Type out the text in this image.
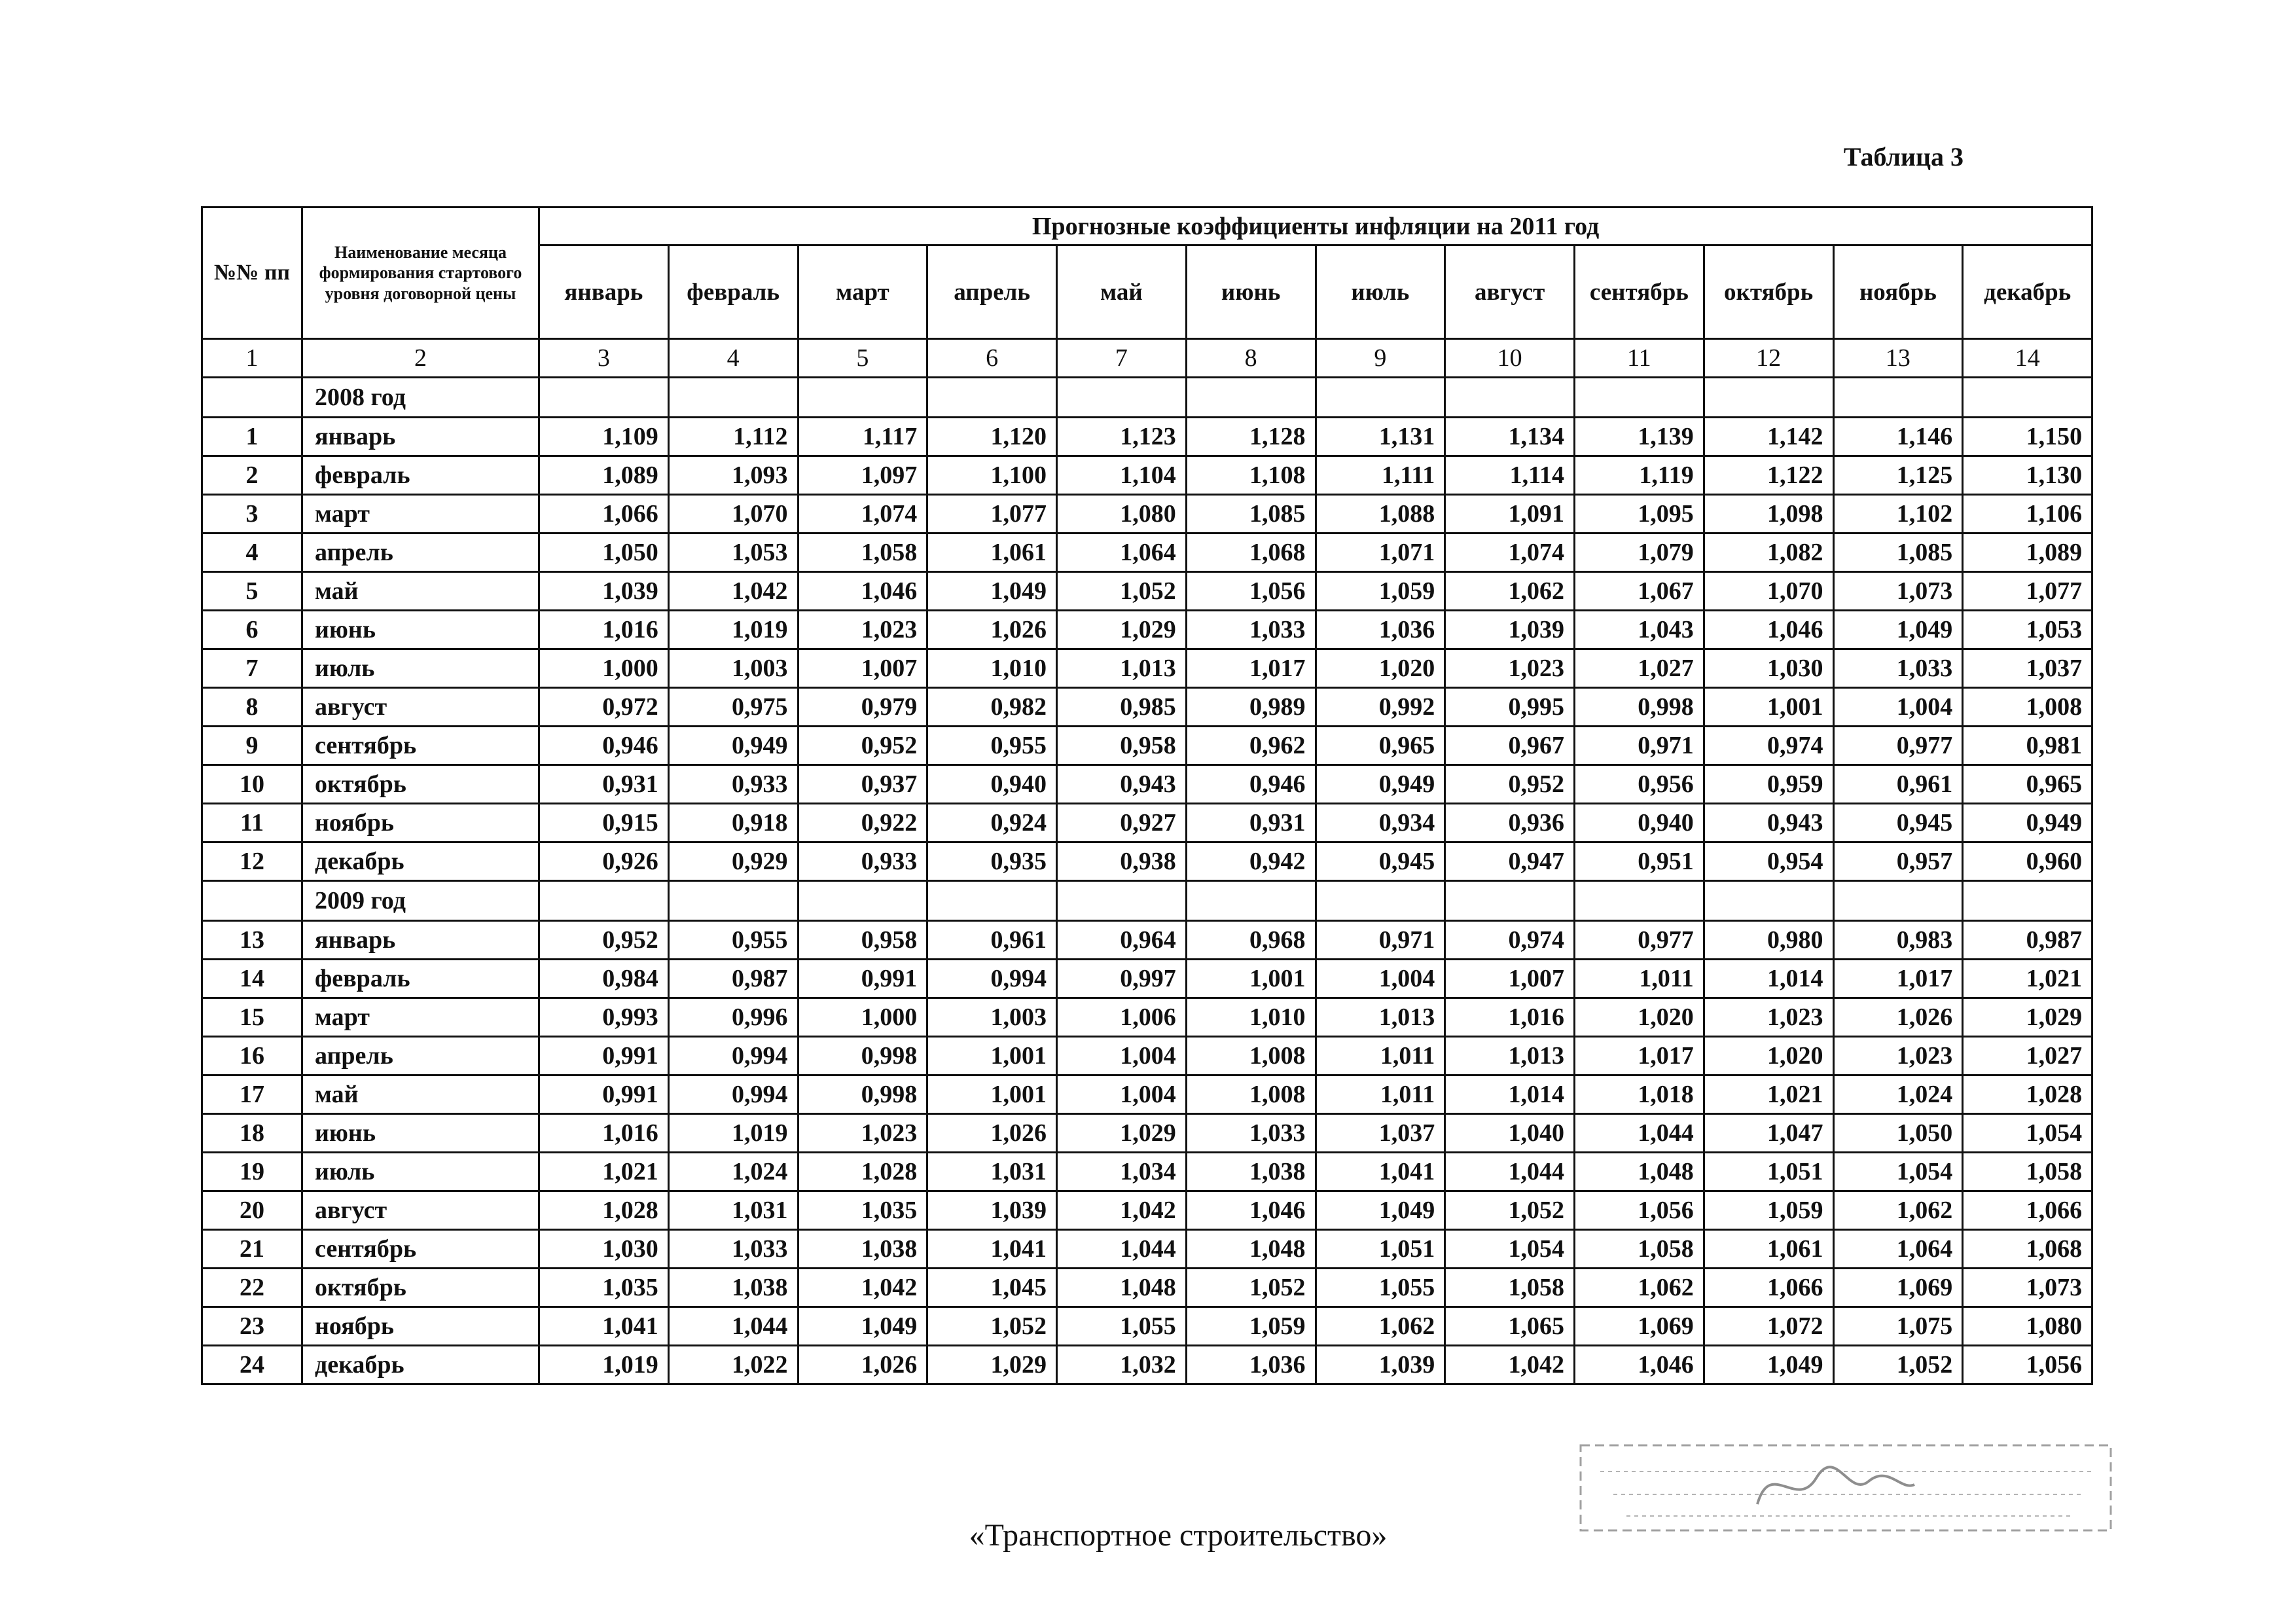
Таблица 3
№№ пп	Наименование месяца формирования стартового уровня договорной цены	Прогнозные коэффициенты инфляции на 2011 год											
		январь	февраль	март	апрель	май	июнь	июль	август	сентябрь	октябрь	ноябрь	декабрь
1	2	3	4	5	6	7	8	9	10	11	12	13	14
	2008 год												
1	январь	1,109	1,112	1,117	1,120	1,123	1,128	1,131	1,134	1,139	1,142	1,146	1,150
2	февраль	1,089	1,093	1,097	1,100	1,104	1,108	1,111	1,114	1,119	1,122	1,125	1,130
3	март	1,066	1,070	1,074	1,077	1,080	1,085	1,088	1,091	1,095	1,098	1,102	1,106
4	апрель	1,050	1,053	1,058	1,061	1,064	1,068	1,071	1,074	1,079	1,082	1,085	1,089
5	май	1,039	1,042	1,046	1,049	1,052	1,056	1,059	1,062	1,067	1,070	1,073	1,077
6	июнь	1,016	1,019	1,023	1,026	1,029	1,033	1,036	1,039	1,043	1,046	1,049	1,053
7	июль	1,000	1,003	1,007	1,010	1,013	1,017	1,020	1,023	1,027	1,030	1,033	1,037
8	август	0,972	0,975	0,979	0,982	0,985	0,989	0,992	0,995	0,998	1,001	1,004	1,008
9	сентябрь	0,946	0,949	0,952	0,955	0,958	0,962	0,965	0,967	0,971	0,974	0,977	0,981
10	октябрь	0,931	0,933	0,937	0,940	0,943	0,946	0,949	0,952	0,956	0,959	0,961	0,965
11	ноябрь	0,915	0,918	0,922	0,924	0,927	0,931	0,934	0,936	0,940	0,943	0,945	0,949
12	декабрь	0,926	0,929	0,933	0,935	0,938	0,942	0,945	0,947	0,951	0,954	0,957	0,960
	2009 год												
13	январь	0,952	0,955	0,958	0,961	0,964	0,968	0,971	0,974	0,977	0,980	0,983	0,987
14	февраль	0,984	0,987	0,991	0,994	0,997	1,001	1,004	1,007	1,011	1,014	1,017	1,021
15	март	0,993	0,996	1,000	1,003	1,006	1,010	1,013	1,016	1,020	1,023	1,026	1,029
16	апрель	0,991	0,994	0,998	1,001	1,004	1,008	1,011	1,013	1,017	1,020	1,023	1,027
17	май	0,991	0,994	0,998	1,001	1,004	1,008	1,011	1,014	1,018	1,021	1,024	1,028
18	июнь	1,016	1,019	1,023	1,026	1,029	1,033	1,037	1,040	1,044	1,047	1,050	1,054
19	июль	1,021	1,024	1,028	1,031	1,034	1,038	1,041	1,044	1,048	1,051	1,054	1,058
20	август	1,028	1,031	1,035	1,039	1,042	1,046	1,049	1,052	1,056	1,059	1,062	1,066
21	сентябрь	1,030	1,033	1,038	1,041	1,044	1,048	1,051	1,054	1,058	1,061	1,064	1,068
22	октябрь	1,035	1,038	1,042	1,045	1,048	1,052	1,055	1,058	1,062	1,066	1,069	1,073
23	ноябрь	1,041	1,044	1,049	1,052	1,055	1,059	1,062	1,065	1,069	1,072	1,075	1,080
24	декабрь	1,019	1,022	1,026	1,029	1,032	1,036	1,039	1,042	1,046	1,049	1,052	1,056
«Транспортное строительство»
